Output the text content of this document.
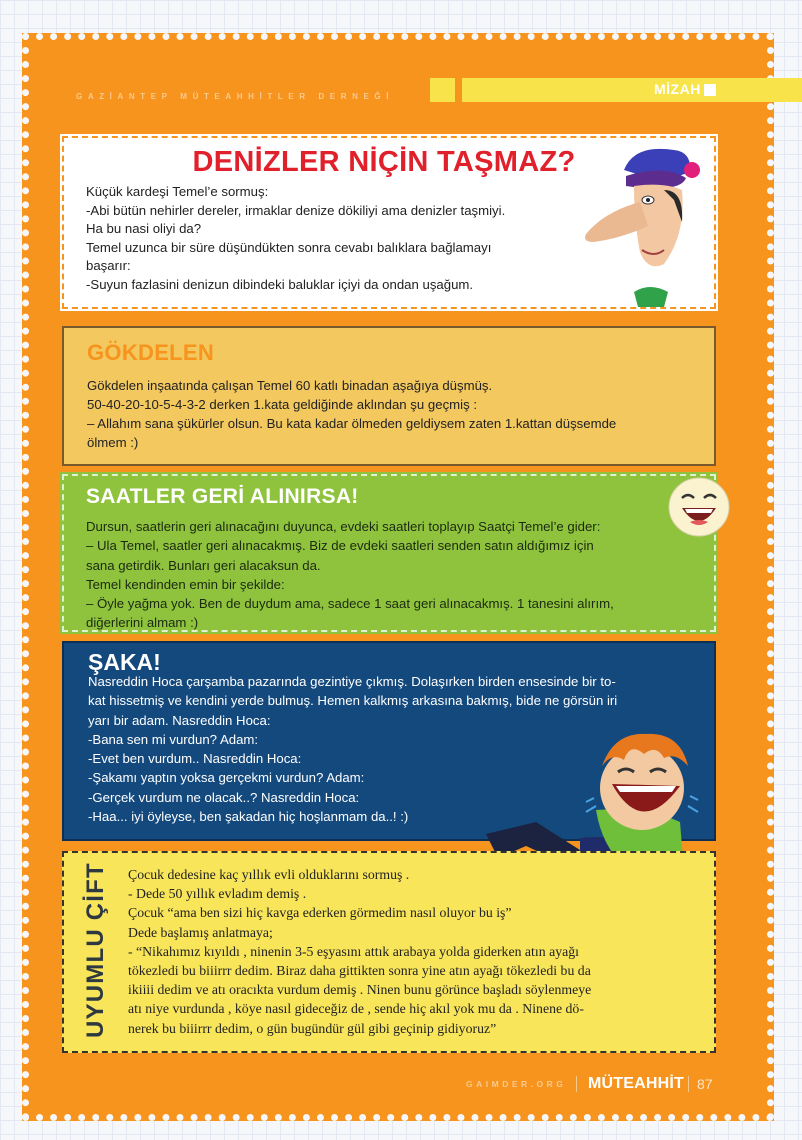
GAZİANTEP MÜTEAHHİTLER DERNEĞİ	MİZAH
DENİZLER NİÇİN TAŞMAZ?
Küçük kardeşi Temel’e sormuş:
-Abi bütün nehirler dereler, irmaklar denize dökiliyi ama denizler taşmiyi.
Ha bu nasi oliyi da?
Temel uzunca bir süre düşündükten sonra cevabı balıklara bağlamayı
başarır:
-Suyun fazlasini denizun dibindeki baluklar içiyi da ondan uşağum.
GÖKDELEN
Gökdelen inşaatında çalışan Temel 60 katlı binadan aşağıya düşmüş.
50-40-20-10-5-4-3-2 derken 1.kata geldiğinde aklından şu geçmiş :
– Allahım sana şükürler olsun. Bu kata kadar ölmeden geldiysem zaten 1.kattan düşsemde
ölmem :)
SAATLER GERİ ALINIRSA!
Dursun, saatlerin geri alınacağını duyunca, evdeki saatleri toplayıp Saatçi Temel’e gider:
– Ula Temel, saatler geri alınacakmış. Biz de evdeki saatleri senden satın aldığımız için
sana getirdik. Bunları geri alacaksun da.
Temel kendinden emin bir şekilde:
– Öyle yağma yok. Ben de duydum ama, sadece 1 saat geri alınacakmış. 1 tanesini alırım,
diğerlerini almam :)
ŞAKA!
Nasreddin Hoca çarşamba pazarında gezintiye çıkmış. Dolaşırken birden ensesinde bir to-
kat hissetmiş ve kendini yerde bulmuş. Hemen kalkmış arkasına bakmış, bide ne görsün iri
yarı bir adam. Nasreddin Hoca:
-Bana sen mi vurdun? Adam:
-Evet ben vurdum.. Nasreddin Hoca:
-Şakamı yaptın yoksa gerçekmi vurdun? Adam:
-Gerçek vurdum ne olacak..? Nasreddin Hoca:
-Haa... iyi öyleyse, ben şakadan hiç hoşlanmam da..! :)
UYUMLU ÇİFT Çocuk dedesine kaç yıllık evli olduklarını sormuş .
- Dede 50 yıllık evladım demiş .
Çocuk “ama ben sizi hiç kavga ederken görmedim nasıl oluyor bu iş”
Dede başlamış anlatmaya;
- “Nikahımız kıyıldı , ninenin 3-5 eşyasını attık arabaya yolda giderken atın ayağı
tökezledi bu biiirrr dedim. Biraz daha gittikten sonra yine atın ayağı tökezledi bu da
ikiiii dedim ve atı oracıkta vurdum demiş . Ninen bunu görünce başladı söylenmeye
atı niye vurdunda , köye nasıl gideceğiz de , sende hiç akıl yok mu da . Ninene dö-
nerek bu biiirrr dedim, o gün bugündür gül gibi geçinip gidiyoruz”
GAIMDER.ORG MÜTEAHHİT 87
